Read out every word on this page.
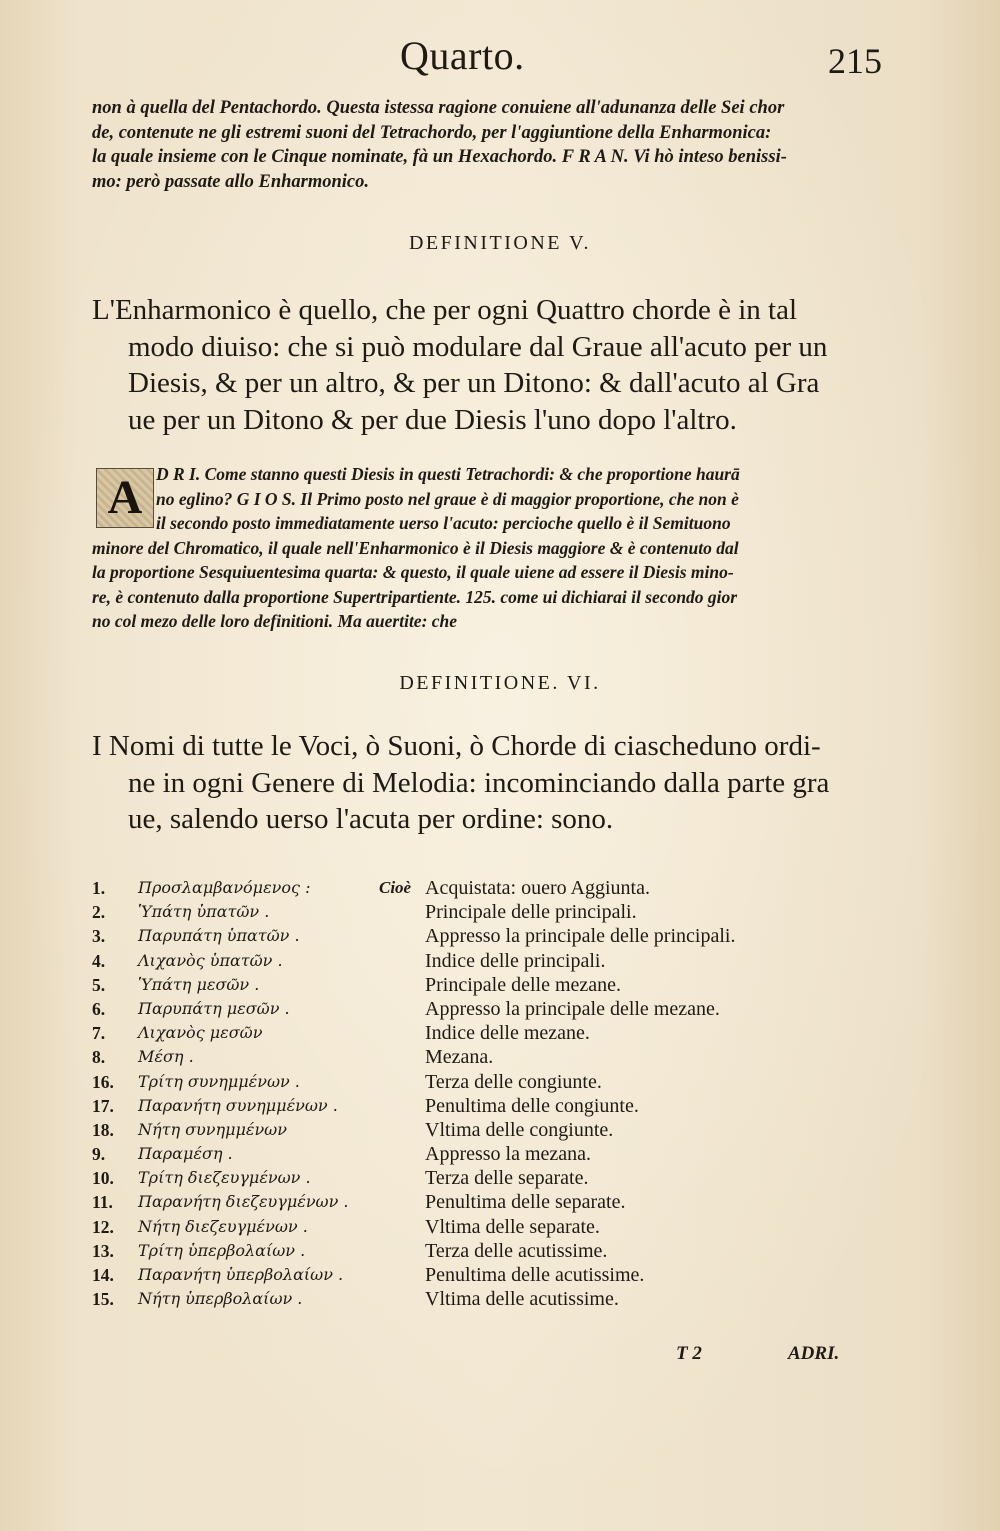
Quarto.	215
non à quella del Pentachordo. Questa istessa ragione conuiene all'adunanza delle Sei chor
de, contenute ne gli estremi suoni del Tetrachordo, per l'aggiuntione della Enharmonica:
la quale insieme con le Cinque nominate, fà un Hexachordo. F R A N. Vi hò inteso benissi-
mo: però passate allo Enharmonico.
DEFINITIONE V.
L'Enharmonico è quello, che per ogni Quattro chorde è in tal
modo diuiso: che si può modulare dal Graue all'acuto per un
Diesis, & per un altro, & per un Ditono: & dall'acuto al Gra
ue per un Ditono & per due Diesis l'uno dopo l'altro.
A D R I. Come stanno questi Diesis in questi Tetrachordi: & che proportione haurā
no eglino? G I O S. Il Primo posto nel graue è di maggior proportione, che non è
il secondo posto immediatamente uerso l'acuto: percioche quello è il Semituono
minore del Chromatico, il quale nell'Enharmonico è il Diesis maggiore & è contenuto dal
la proportione Sesquiuentesima quarta: & questo, il quale uiene ad essere il Diesis mino-
re, è contenuto dalla proportione Supertripartiente. 125. come ui dichiarai il secondo gior
no col mezo delle loro definitioni. Ma auertite: che
DEFINITIONE. VI.
I Nomi di tutte le Voci, ò Suoni, ò Chorde di ciascheduno ordi-
ne in ogni Genere di Melodia: incominciando dalla parte gra
ue, salendo uerso l'acuta per ordine: sono.
1. Προσλαμβανόμενος :	Cioè Acquistata: ouero Aggiunta.
2. Ὑπάτη ὑπατῶν .	Principale delle principali.
3. Παρυπάτη ὑπατῶν .	Appresso la principale delle principali.
4. Λιχανὸς ὑπατῶν .	Indice delle principali.
5. Ὑπάτη μεσῶν .	Principale delle mezane.
6. Παρυπάτη μεσῶν .	Appresso la principale delle mezane.
7. Λιχανὸς μεσῶν	Indice delle mezane.
8. Μέση .	Mezana.
16. Τρίτη συνημμένων .	Terza delle congiunte.
17. Παρανήτη συνημμένων .	Penultima delle congiunte.
18. Νήτη συνημμένων	Vltima delle congiunte.
9. Παραμέση .	Appresso la mezana.
10. Τρίτη διεζευγμένων .	Terza delle separate.
11. Παρανήτη διεζευγμένων .	Penultima delle separate.
12. Νήτη διεζευγμένων .	Vltima delle separate.
13. Τρίτη ὑπερβολαίων .	Terza delle acutissime.
14. Παρανήτη ὑπερβολαίων .	Penultima delle acutissime.
15. Νήτη ὑπερβολαίων .	Vltima delle acutissime.
T 2	ADRI.
